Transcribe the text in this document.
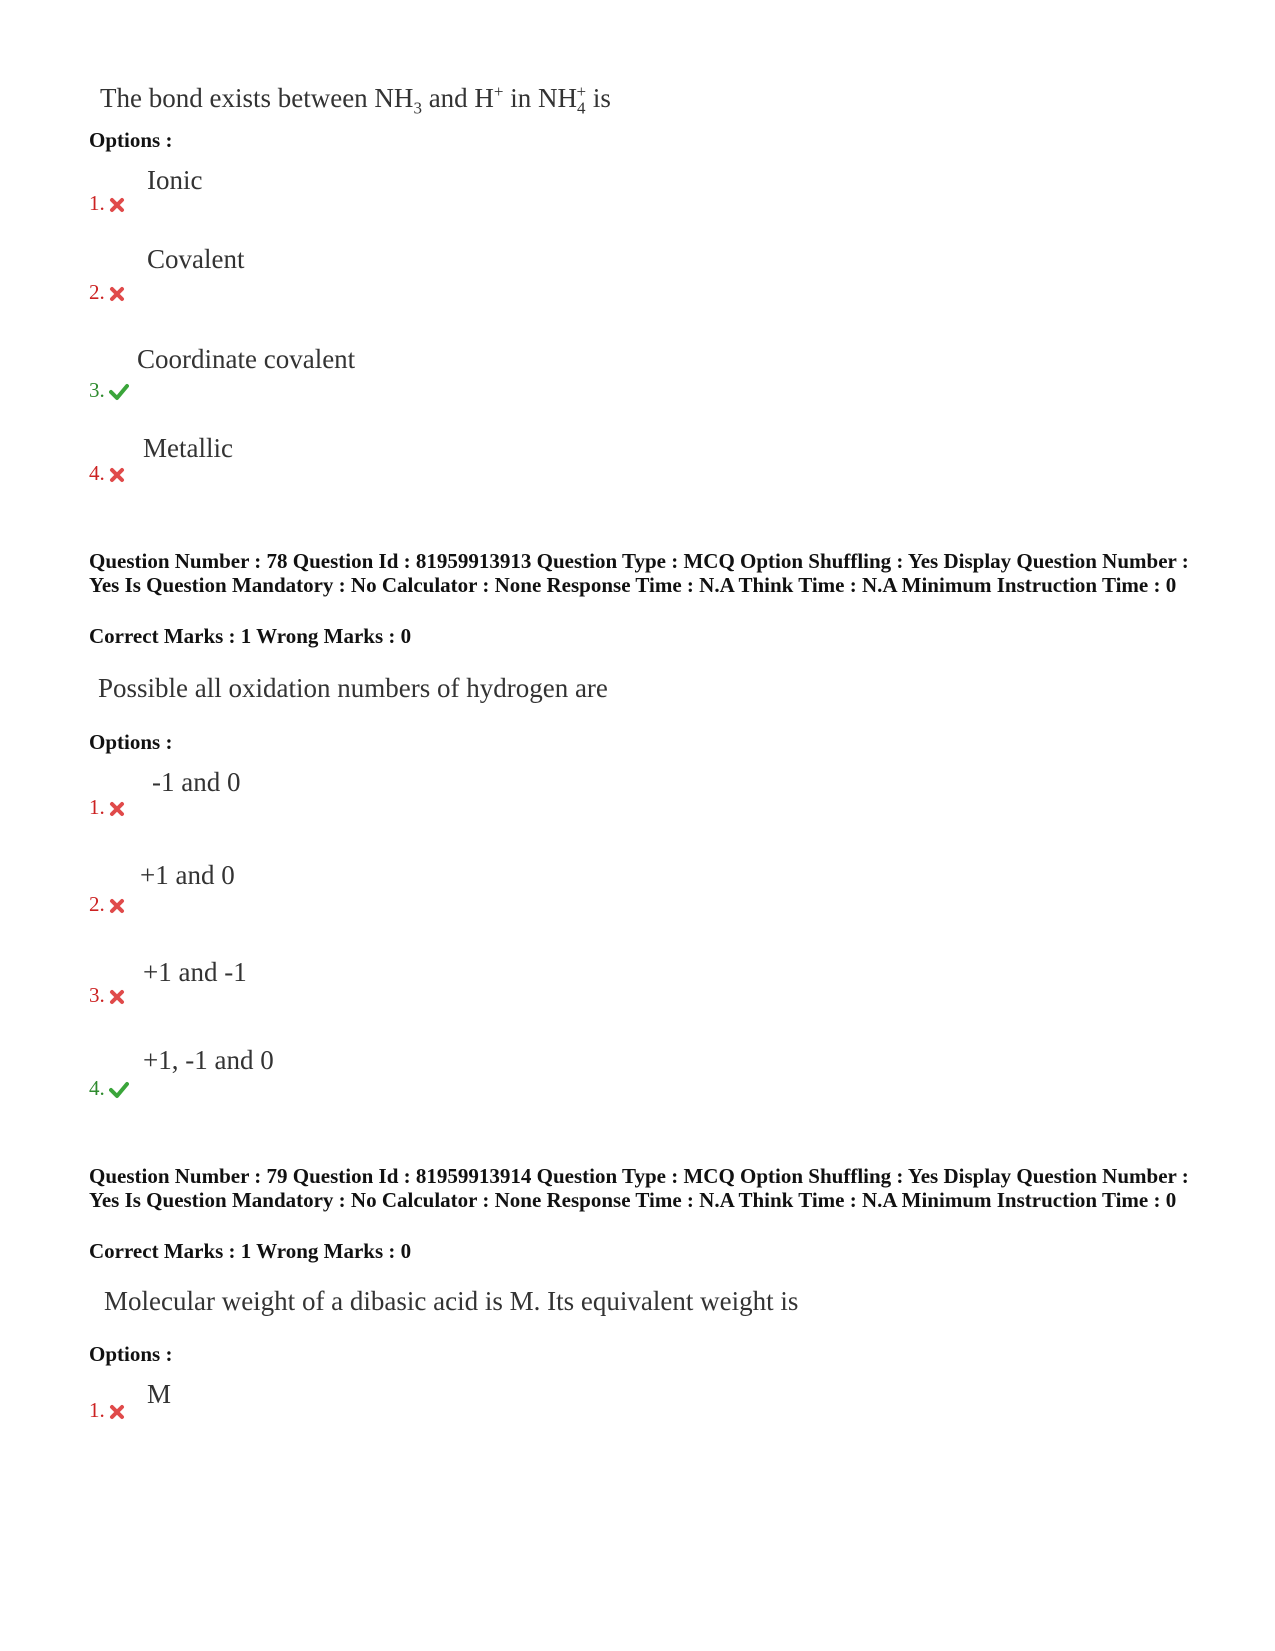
The bond exists between $NH_3$ and H+ in $NH_4^+$ is
Options :
Ionic
1.
Covalent
2.
Coordinate covalent
3.
Metallic
4.
Question Number : 78 Question Id : 81959913913 Question Type : MCQ Option Shuffling : Yes Display Question Number : Yes Is Question Mandatory : No Calculator : None Response Time : N.A Think Time : N.A Minimum Instruction Time : 0
Correct Marks : 1 Wrong Marks : 0
Possible all oxidation numbers of hydrogen are
Options :
-1 and 0
1.
+1 and 0
2.
+1 and -1
3.
+1, -1 and 0
4.
Question Number : 79 Question Id : 81959913914 Question Type : MCQ Option Shuffling : Yes Display Question Number : Yes Is Question Mandatory : No Calculator : None Response Time : N.A Think Time : N.A Minimum Instruction Time : 0
Correct Marks : 1 Wrong Marks : 0
Molecular weight of a dibasic acid is M. Its equivalent weight is
Options :
M
1.
